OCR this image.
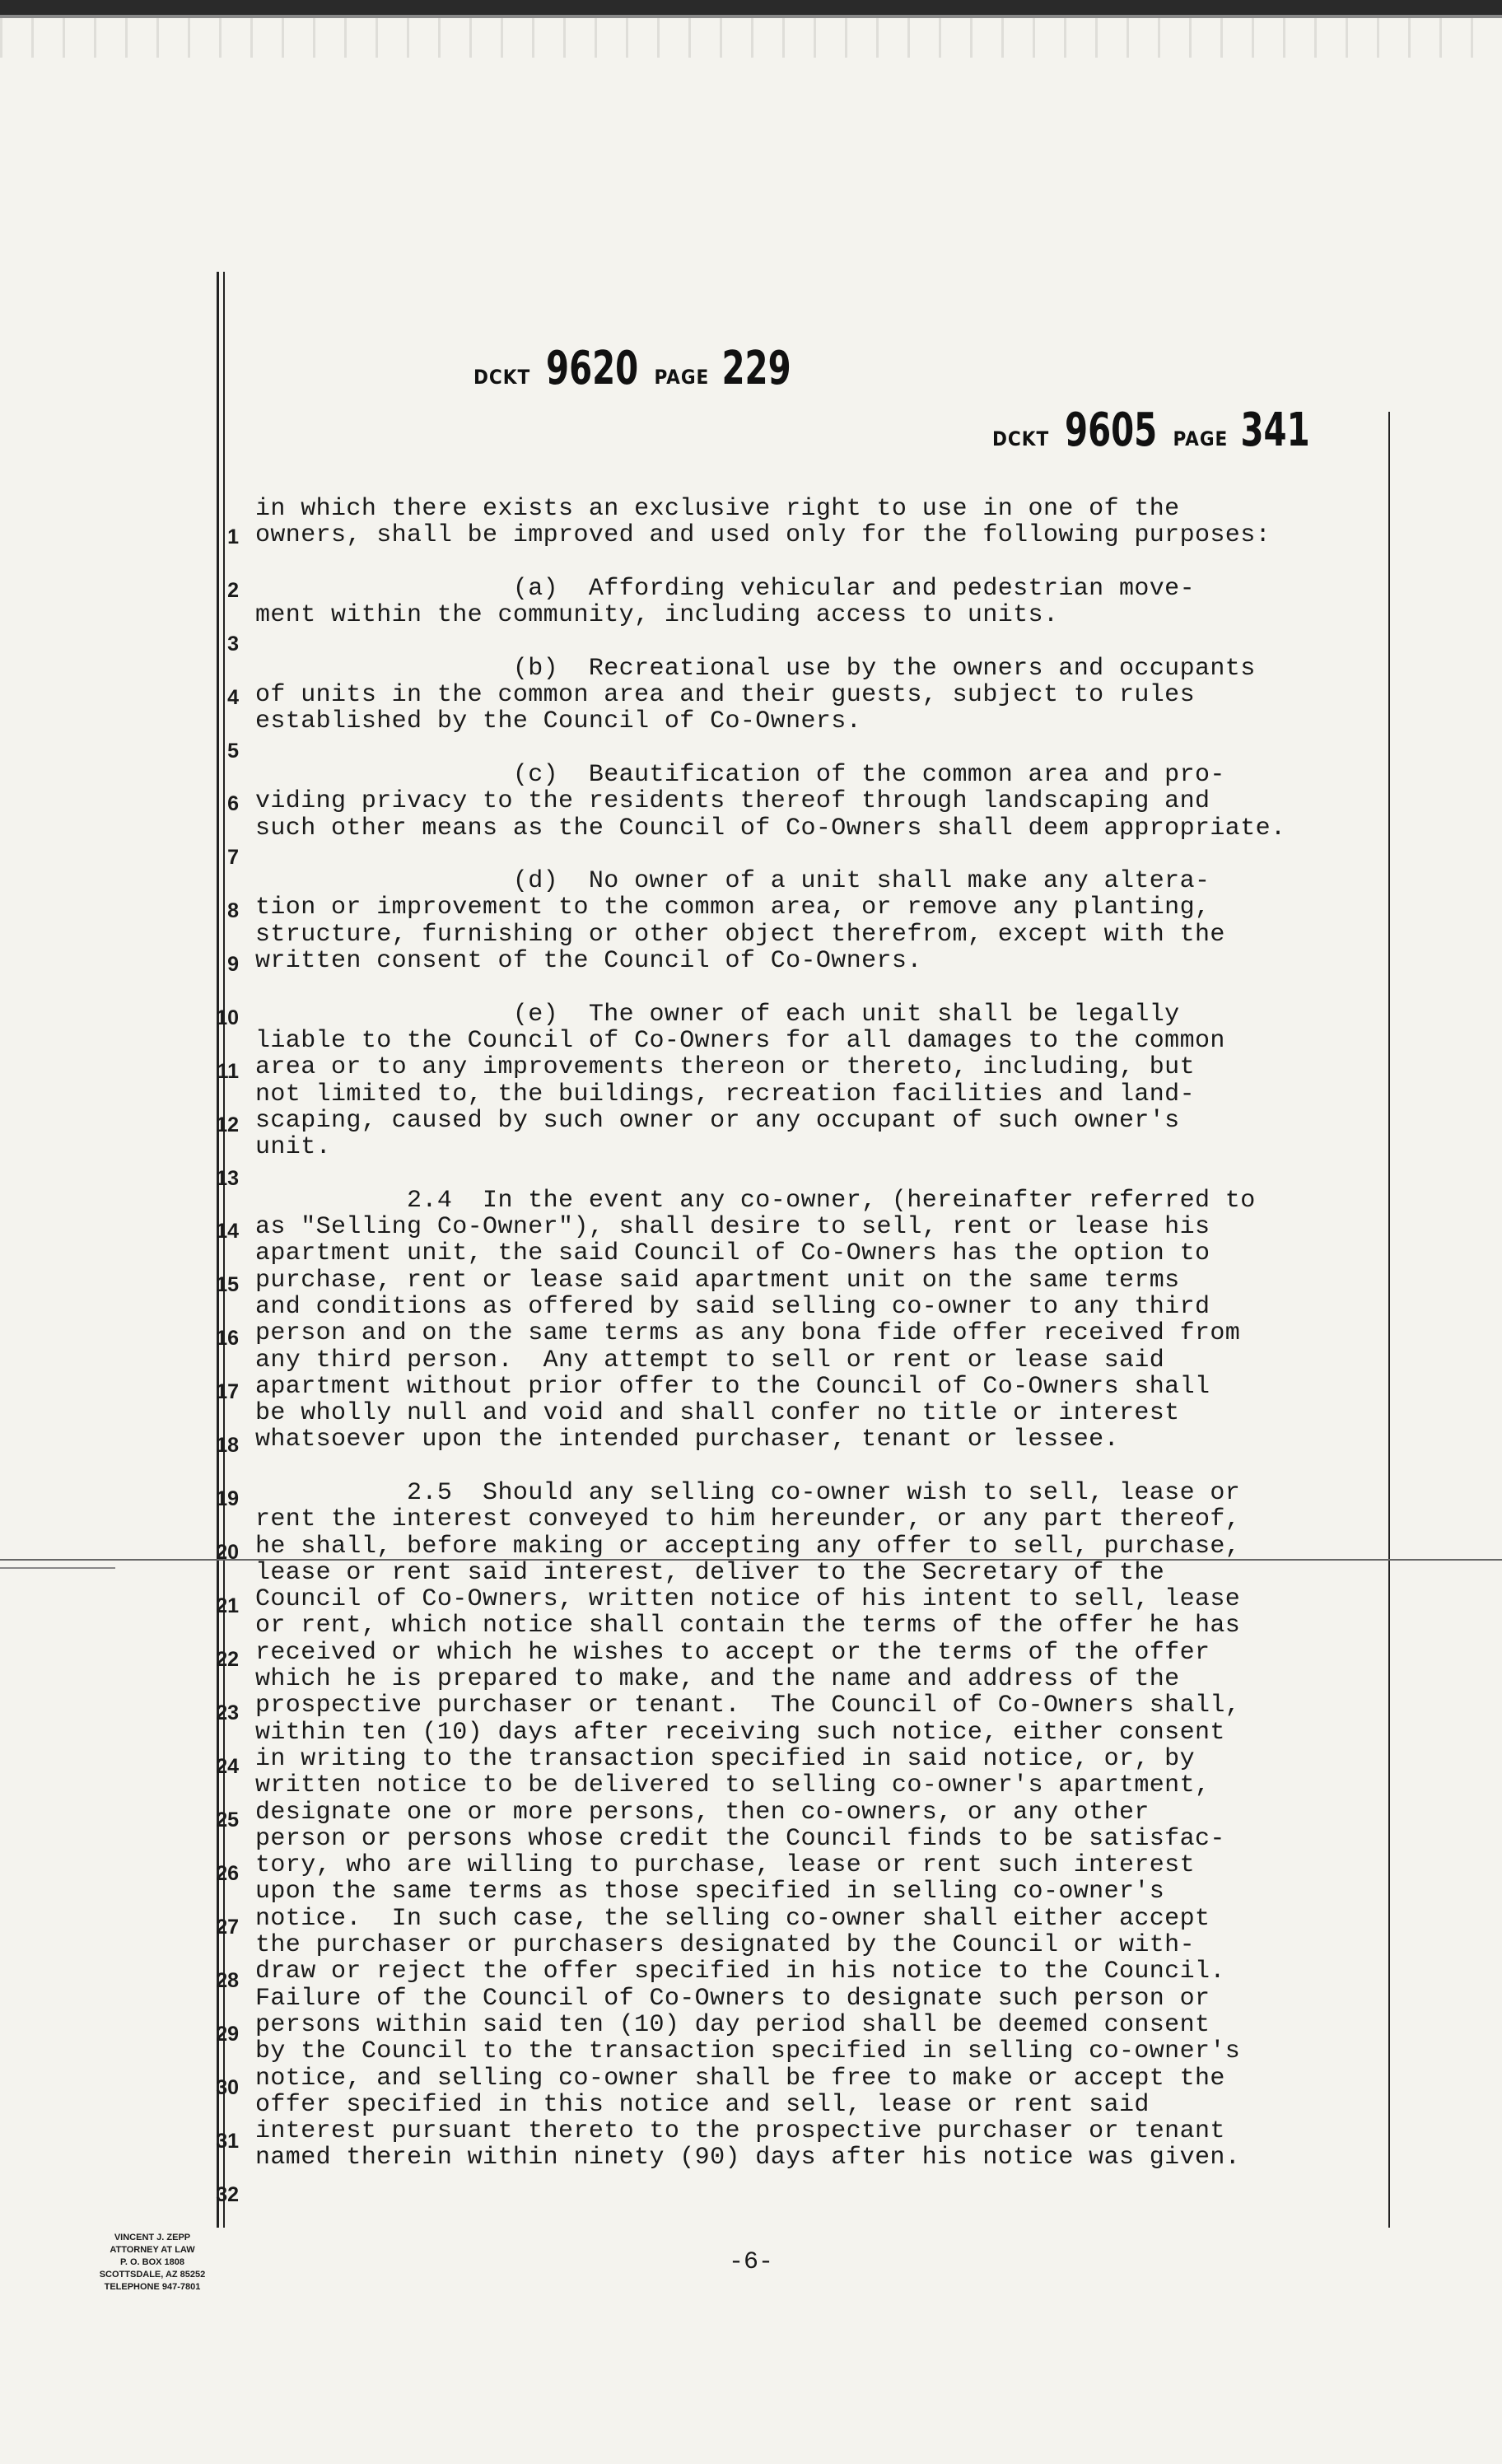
DCKT 9620 PAGE 229
DCKT 9605 PAGE 341
1
2
3
4
5
6
7
8
9
10
11
12
13
14
15
16
17
18
19
20
21
22
23
24
25
26
27
28
29
30
31
32
in which there exists an exclusive right to use in one of the
owners, shall be improved and used only for the following purposes:

(a)  Affording vehicular and pedestrian move-
ment within the community, including access to units.

(b)  Recreational use by the owners and occupants
of units in the common area and their guests, subject to rules
established by the Council of Co-Owners.

(c)  Beautification of the common area and pro-
viding privacy to the residents thereof through landscaping and
such other means as the Council of Co-Owners shall deem appropriate.

(d)  No owner of a unit shall make any altera-
tion or improvement to the common area, or remove any planting,
structure, furnishing or other object therefrom, except with the
written consent of the Council of Co-Owners.

(e)  The owner of each unit shall be legally
liable to the Council of Co-Owners for all damages to the common
area or to any improvements thereon or thereto, including, but
not limited to, the buildings, recreation facilities and land-
scaping, caused by such owner or any occupant of such owner's
unit.

2.4  In the event any co-owner, (hereinafter referred to
as "Selling Co-Owner"), shall desire to sell, rent or lease his
apartment unit, the said Council of Co-Owners has the option to
purchase, rent or lease said apartment unit on the same terms
and conditions as offered by said selling co-owner to any third
person and on the same terms as any bona fide offer received from
any third person.  Any attempt to sell or rent or lease said
apartment without prior offer to the Council of Co-Owners shall
be wholly null and void and shall confer no title or interest
whatsoever upon the intended purchaser, tenant or lessee.

2.5  Should any selling co-owner wish to sell, lease or
rent the interest conveyed to him hereunder, or any part thereof,
he shall, before making or accepting any offer to sell, purchase,
lease or rent said interest, deliver to the Secretary of the
Council of Co-Owners, written notice of his intent to sell, lease
or rent, which notice shall contain the terms of the offer he has
received or which he wishes to accept or the terms of the offer
which he is prepared to make, and the name and address of the
prospective purchaser or tenant.  The Council of Co-Owners shall,
within ten (10) days after receiving such notice, either consent
in writing to the transaction specified in said notice, or, by
written notice to be delivered to selling co-owner's apartment,
designate one or more persons, then co-owners, or any other
person or persons whose credit the Council finds to be satisfac-
tory, who are willing to purchase, lease or rent such interest
upon the same terms as those specified in selling co-owner's
notice.  In such case, the selling co-owner shall either accept
the purchaser or purchasers designated by the Council or with-
draw or reject the offer specified in his notice to the Council.
Failure of the Council of Co-Owners to designate such person or
persons within said ten (10) day period shall be deemed consent
by the Council to the transaction specified in selling co-owner's
notice, and selling co-owner shall be free to make or accept the
offer specified in this notice and sell, lease or rent said
interest pursuant thereto to the prospective purchaser or tenant
named therein within ninety (90) days after his notice was given.
-6-
VINCENT J. ZEPP
ATTORNEY AT LAW
P. O. BOX 1808
SCOTTSDALE, AZ 85252
TELEPHONE 947-7801
